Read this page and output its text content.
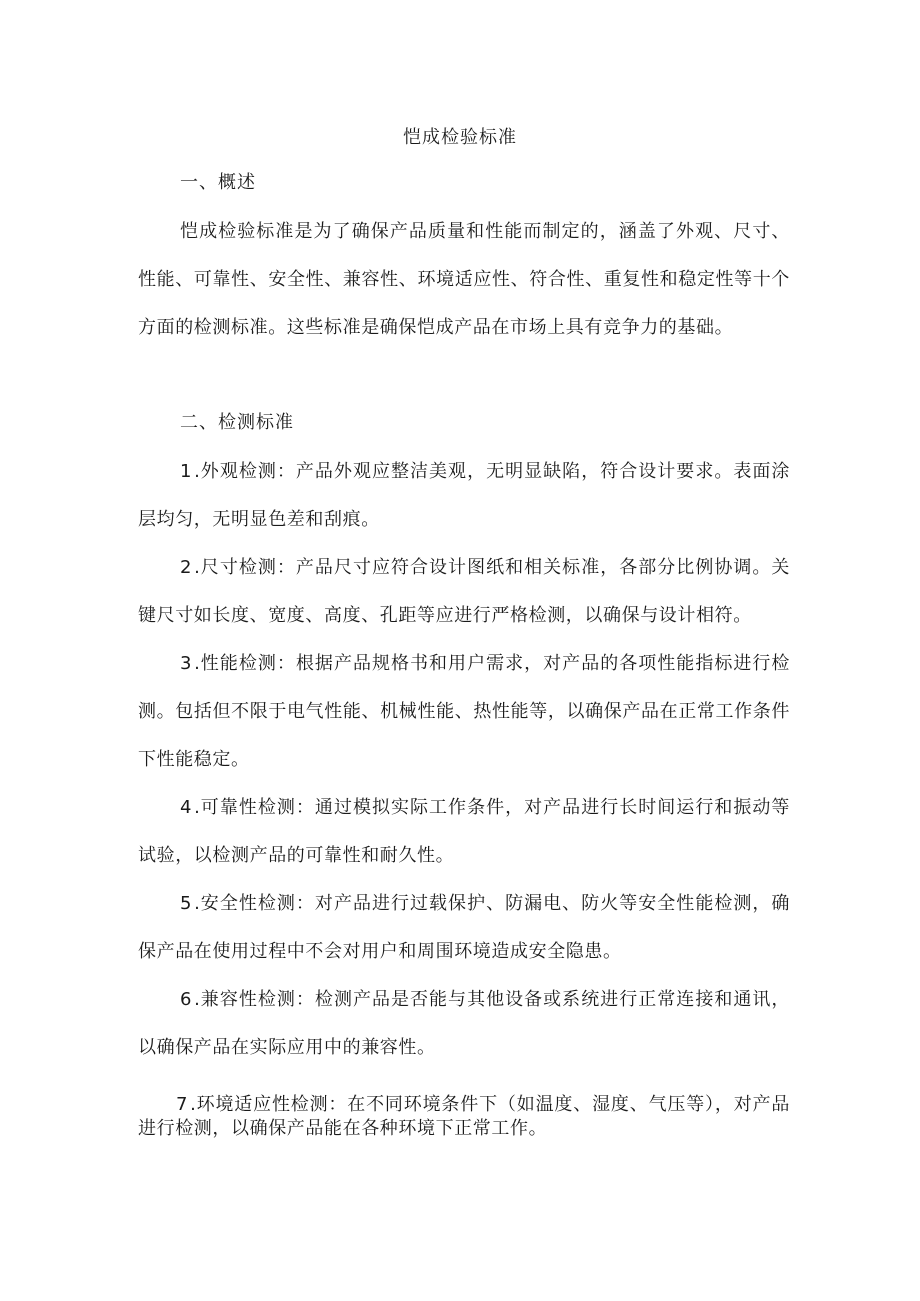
恺成检验标准
一、概述

恺成检验标准是为了确保产品质量和性能而制定的，涵盖了外观、尺寸、性能、可靠性、安全性、兼容性、环境适应性、符合性、重复性和稳定性等十个方面的检测标准。这些标准是确保恺成产品在市场上具有竞争力的基础。

二、检测标准

1 .外观检测：产品外观应整洁美观，无明显缺陷，符合设计要求。表面涂层均匀，无明显色差和刮痕。

2 .尺寸检测：产品尺寸应符合设计图纸和相关标准，各部分比例协调。关键尺寸如长度、宽度、高度、孔距等应进行严格检测，以确保与设计相符。

3 .性能检测：根据产品规格书和用户需求，对产品的各项性能指标进行检测。包括但不限于电气性能、机械性能、热性能等，以确保产品在正常工作条件下性能稳定。

4 .可靠性检测：通过模拟实际工作条件，对产品进行长时间运行和振动等试验，以检测产品的可靠性和耐久性。

5 .安全性检测：对产品进行过载保护、防漏电、防火等安全性能检测，确保产品在使用过程中不会对用户和周围环境造成安全隐患。

6 .兼容性检测：检测产品是否能与其他设备或系统进行正常连接和通讯，以确保产品在实际应用中的兼容性。

7 .环境适应性检测：在不同环境条件下（如温度、湿度、气压等），对产品进行检测，以确保产品能在各种环境下正常工作。
